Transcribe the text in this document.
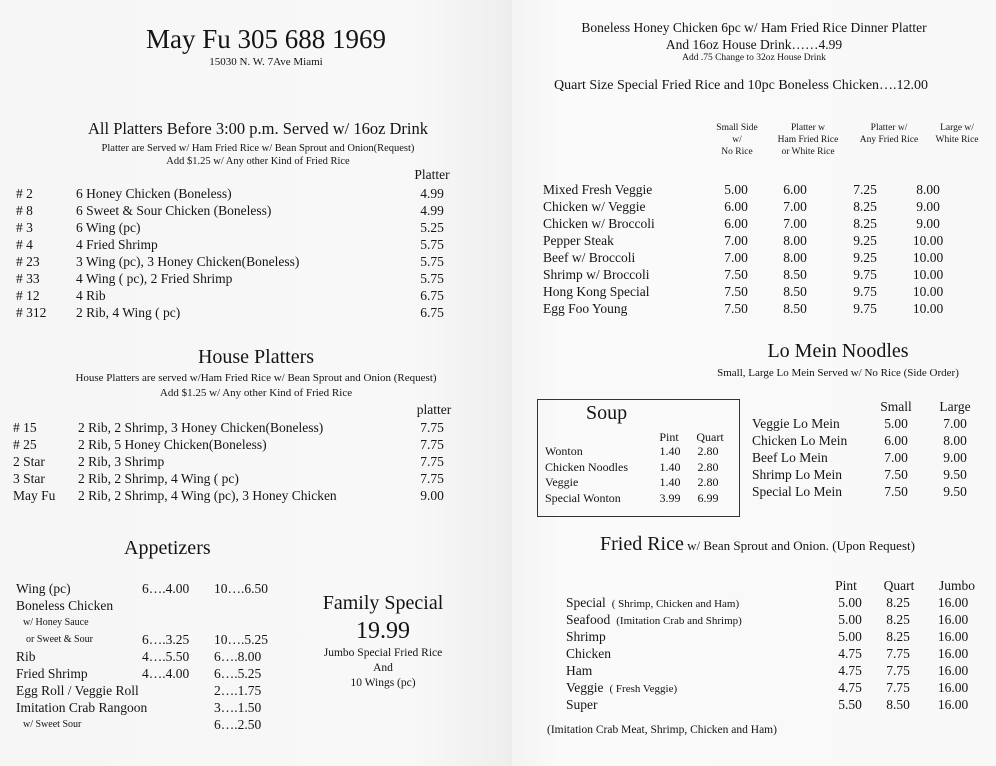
May Fu 305 688 1969
15030 N. W. 7Ave Miami
All Platters Before 3:00 p.m. Served w/ 16oz Drink
Platter are Served w/ Ham Fried Rice w/ Bean Sprout and Onion(Request)
Add $1.25 w/ Any other Kind of Fried Rice
Platter
# 2	6 Honey Chicken (Boneless)	4.99
# 8	6 Sweet & Sour Chicken (Boneless)	4.99
# 3	6 Wing (pc)	5.25
# 4	4 Fried Shrimp	5.75
# 23	3 Wing (pc), 3 Honey Chicken(Boneless)	5.75
# 33	4 Wing ( pc), 2 Fried Shrimp	5.75
# 12	4 Rib	6.75
# 312	2 Rib, 4 Wing ( pc)	6.75
House Platters
House Platters are served w/Ham Fried Rice w/ Bean Sprout and Onion (Request)
Add $1.25 w/ Any other Kind of Fried Rice
platter
# 15	2 Rib, 2 Shrimp, 3 Honey Chicken(Boneless)	7.75
# 25	2 Rib, 5 Honey Chicken(Boneless)	7.75
2 Star	2 Rib, 3 Shrimp	7.75
3 Star	2 Rib, 2 Shrimp, 4 Wing ( pc)	7.75
May Fu	2 Rib, 2 Shrimp, 4 Wing (pc), 3 Honey Chicken	9.00
Appetizers
Wing (pc)	6….4.00	10….6.50
Boneless Chicken
w/ Honey Sauce
or Sweet & Sour	6….3.25	10….5.25
Rib	4….5.50	6….8.00
Fried Shrimp	4….4.00	6….5.25
Egg Roll / Veggie Roll	2….1.75
Imitation Crab Rangoon	3….1.50
w/ Sweet Sour	6….2.50
Family Special
19.99
Jumbo Special Fried Rice
And
10 Wings (pc)
Boneless Honey Chicken 6pc w/ Ham Fried Rice Dinner Platter
And 16oz House Drink……4.99
Add .75 Change to 32oz House Drink
Quart Size Special Fried Rice and 10pc Boneless Chicken….12.00
Small Side
w/
No Rice
Platter w
Ham Fried Rice
or White Rice
Platter w/
Any Fried Rice
Large w/
White Rice
Mixed Fresh Veggie	5.00	6.00	7.25	8.00
Chicken w/ Veggie	6.00	7.00	8.25	9.00
Chicken w/ Broccoli	6.00	7.00	8.25	9.00
Pepper Steak	7.00	8.00	9.25	10.00
Beef w/ Broccoli	7.00	8.00	9.25	10.00
Shrimp w/ Broccoli	7.50	8.50	9.75	10.00
Hong Kong Special	7.50	8.50	9.75	10.00
Egg Foo Young	7.50	8.50	9.75	10.00
Lo Mein Noodles
Small, Large Lo Mein Served w/ No Rice (Side Order)
Small	Large
Veggie Lo Mein	5.00	7.00
Chicken Lo Mein	6.00	8.00
Beef Lo Mein	7.00	9.00
Shrimp Lo Mein	7.50	9.50
Special Lo Mein	7.50	9.50
Soup
Pint	Quart
Wonton	1.40	2.80
Chicken Noodles	1.40	2.80
Veggie	1.40	2.80
Special Wonton	3.99	6.99
Fried Rice w/ Bean Sprout and Onion. (Upon Request)
Pint	Quart	Jumbo
Special ( Shrimp, Chicken and Ham)	5.00	8.25	16.00
Seafood (Imitation Crab and Shrimp)	5.00	8.25	16.00
Shrimp	5.00	8.25	16.00
Chicken	4.75	7.75	16.00
Ham	4.75	7.75	16.00
Veggie ( Fresh Veggie)	4.75	7.75	16.00
Super	5.50	8.50	16.00
(Imitation Crab Meat, Shrimp, Chicken and Ham)
